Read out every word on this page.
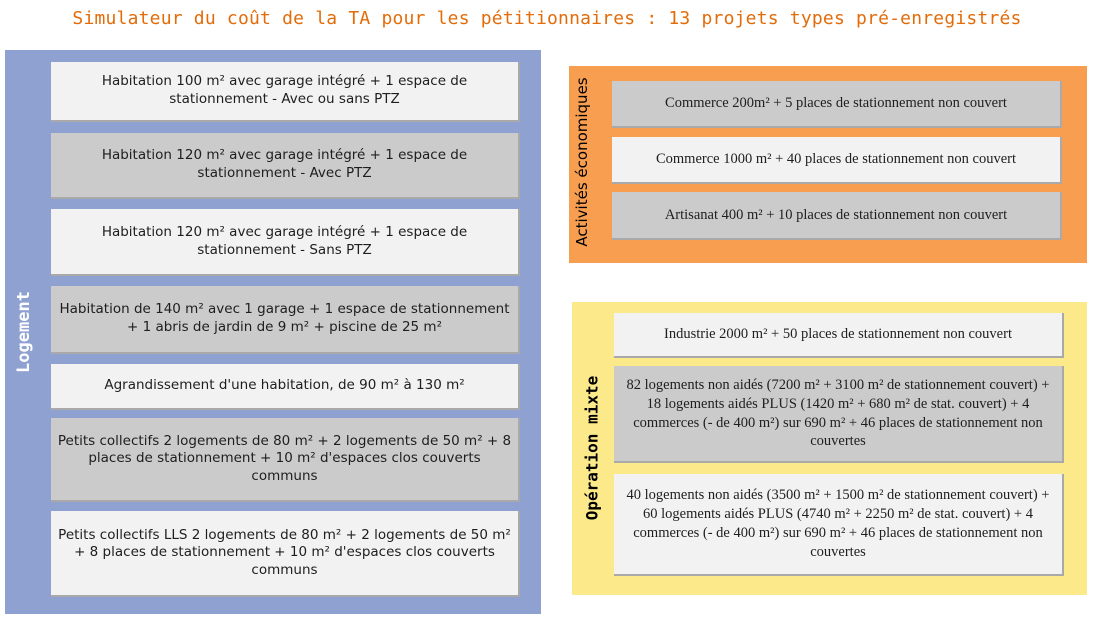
Simulateur du coût de la TA pour les pétitionnaires : 13 projets types pré-enregistrés
Logement
Activités économiques
Opération mixte
Habitation 100 m² avec garage intégré + 1 espace de stationnement - Avec ou sans PTZ
Habitation 120 m² avec garage intégré + 1 espace de stationnement - Avec PTZ
Habitation 120 m² avec garage intégré + 1 espace de stationnement - Sans PTZ
Habitation de 140 m² avec 1 garage + 1 espace de stationnement + 1 abris de jardin de 9 m² + piscine de 25 m²
Agrandissement d'une habitation, de 90 m² à 130 m²
Petits collectifs 2 logements de 80 m² + 2 logements de 50 m² + 8 places de stationnement + 10 m² d'espaces clos couverts communs
Petits collectifs LLS 2 logements de 80 m² + 2 logements de 50 m² + 8 places de stationnement + 10 m² d'espaces clos couverts communs
Commerce 200m² + 5 places de stationnement non couvert
Commerce 1000 m² + 40 places de stationnement non couvert
Artisanat 400 m² + 10 places de stationnement non couvert
Industrie 2000 m² + 50 places de stationnement non couvert
82 logements non aidés (7200 m² + 3100 m² de stationnement couvert) + 18 logements aidés PLUS (1420 m² + 680 m² de stat. couvert) + 4 commerces (- de 400 m²) sur 690 m² + 46 places de stationnement non couvertes
40 logements non aidés (3500 m² + 1500 m² de stationnement couvert) + 60 logements aidés PLUS (4740 m² + 2250 m² de stat. couvert) + 4 commerces (- de 400 m²) sur 690 m² + 46 places de stationnement non couvertes
